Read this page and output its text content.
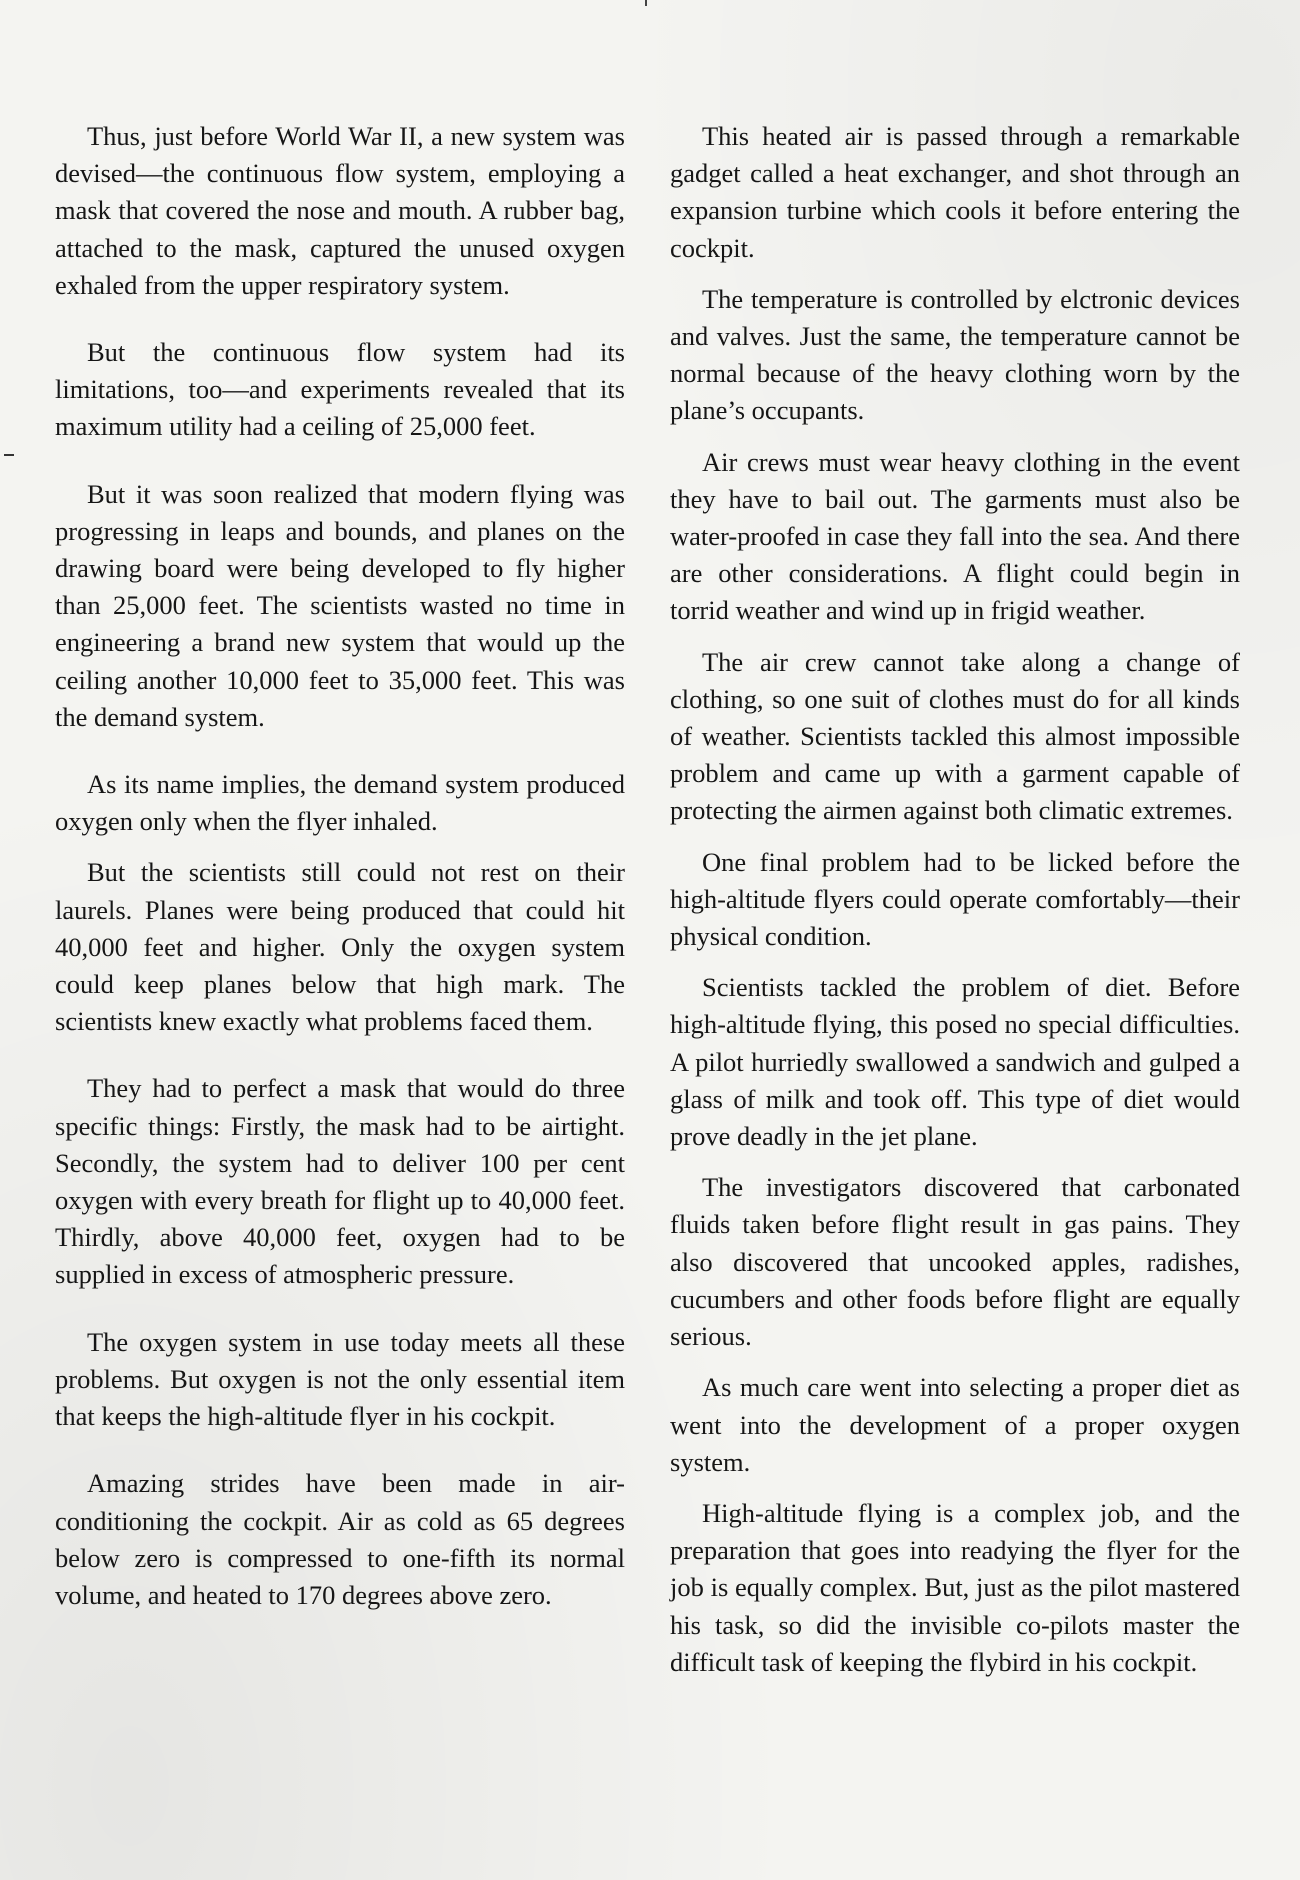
Thus, just before World War II, a new system was devised—the continuous flow system, employing a mask that covered the nose and mouth. A rubber bag, attached to the mask, captured the unused oxygen exhaled from the upper respiratory system.

But the continuous flow system had its limitations, too—and experiments revealed that its maximum utility had a ceiling of 25,000 feet.

But it was soon realized that modern flying was progressing in leaps and bounds, and planes on the drawing board were being developed to fly higher than 25,000 feet. The scientists wasted no time in engineering a brand new system that would up the ceiling another 10,000 feet to 35,000 feet. This was the demand system.

As its name implies, the demand system produced oxygen only when the flyer inhaled.

But the scientists still could not rest on their laurels. Planes were being produced that could hit 40,000 feet and higher. Only the oxygen system could keep planes below that high mark. The scientists knew exactly what problems faced them.

They had to perfect a mask that would do three specific things: Firstly, the mask had to be airtight. Secondly, the system had to deliver 100 per cent oxygen with every breath for flight up to 40,000 feet. Thirdly, above 40,000 feet, oxygen had to be supplied in excess of atmospheric pressure.

The oxygen system in use today meets all these problems. But oxygen is not the only essential item that keeps the high-altitude flyer in his cockpit.

Amazing strides have been made in air-conditioning the cockpit. Air as cold as 65 degrees below zero is compressed to one-fifth its normal volume, and heated to 170 degrees above zero.

This heated air is passed through a remarkable gadget called a heat exchanger, and shot through an expansion turbine which cools it before entering the cockpit.

The temperature is controlled by elctronic devices and valves. Just the same, the temperature cannot be normal because of the heavy clothing worn by the plane’s occupants.

Air crews must wear heavy clothing in the event they have to bail out. The garments must also be water-proofed in case they fall into the sea. And there are other considerations. A flight could begin in torrid weather and wind up in frigid weather.

The air crew cannot take along a change of clothing, so one suit of clothes must do for all kinds of weather. Scientists tackled this almost impossible problem and came up with a garment capable of protecting the airmen against both climatic extremes.

One final problem had to be licked before the high-altitude flyers could operate comfortably—their physical condition.

Scientists tackled the problem of diet. Before high-altitude flying, this posed no special difficulties. A pilot hurriedly swallowed a sandwich and gulped a glass of milk and took off. This type of diet would prove deadly in the jet plane.

The investigators discovered that carbonated fluids taken before flight result in gas pains. They also discovered that uncooked apples, radishes, cucumbers and other foods before flight are equally serious.

As much care went into selecting a proper diet as went into the development of a proper oxygen system.

High-altitude flying is a complex job, and the preparation that goes into readying the flyer for the job is equally complex. But, just as the pilot mastered his task, so did the invisible co-pilots master the difficult task of keeping the flybird in his cockpit.
